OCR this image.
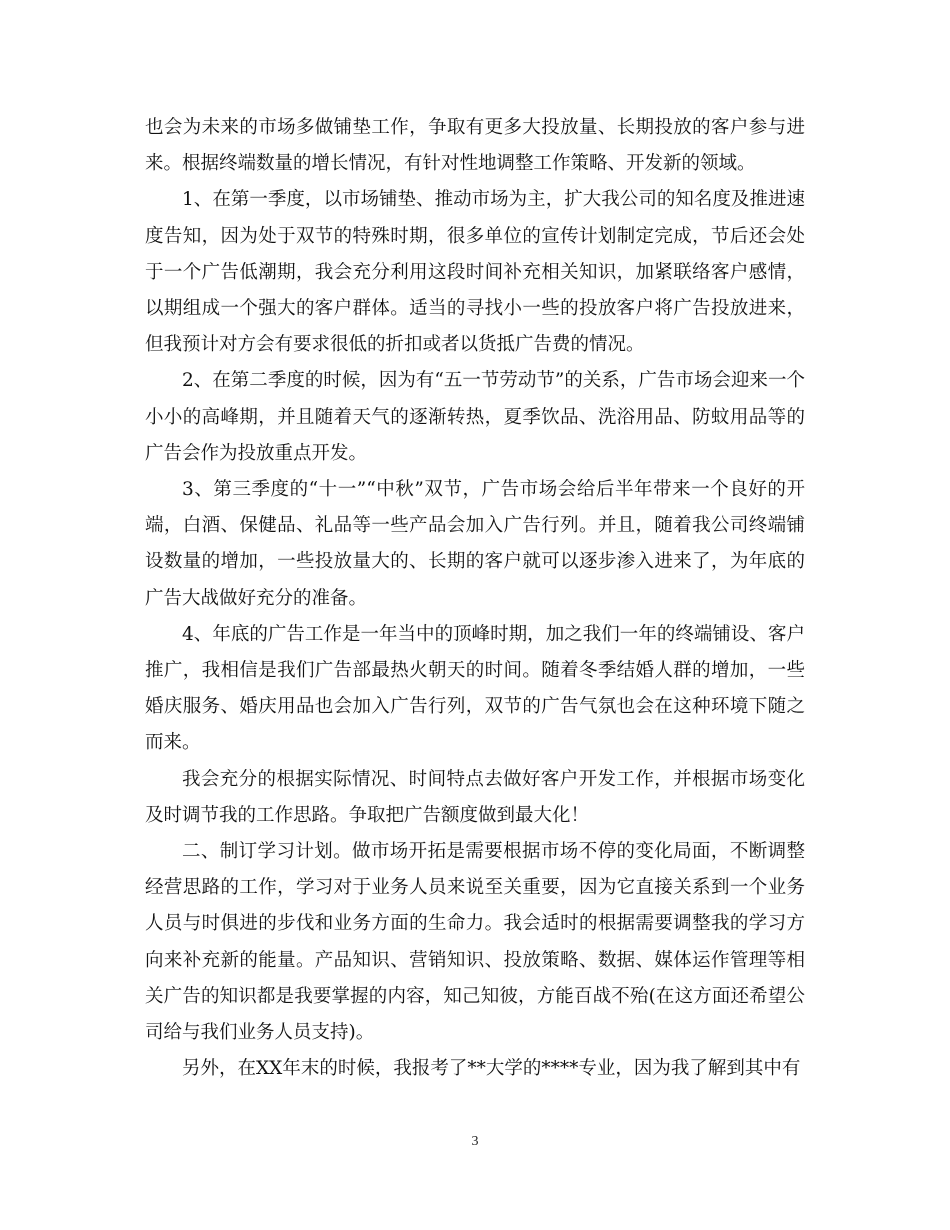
也会为未来的市场多做铺垫工作，争取有更多大投放量、长期投放的客户参与进来。根据终端数量的增长情况，有针对性地调整工作策略、开发新的领域。

1、在第一季度，以市场铺垫、推动市场为主，扩大我公司的知名度及推进速度告知，因为处于双节的特殊时期，很多单位的宣传计划制定完成，节后还会处于一个广告低潮期，我会充分利用这段时间补充相关知识，加紧联络客户感情，以期组成一个强大的客户群体。适当的寻找小一些的投放客户将广告投放进来，但我预计对方会有要求很低的折扣或者以货抵广告费的情况。

2、在第二季度的时候，因为有“五一节劳动节”的关系，广告市场会迎来一个小小的高峰期，并且随着天气的逐渐转热，夏季饮品、洗浴用品、防蚊用品等的广告会作为投放重点开发。

3、第三季度的“十一”“中秋”双节，广告市场会给后半年带来一个良好的开端，白酒、保健品、礼品等一些产品会加入广告行列。并且，随着我公司终端铺设数量的增加，一些投放量大的、长期的客户就可以逐步渗入进来了，为年底的广告大战做好充分的准备。

4、年底的广告工作是一年当中的顶峰时期，加之我们一年的终端铺设、客户推广，我相信是我们广告部最热火朝天的时间。随着冬季结婚人群的增加，一些婚庆服务、婚庆用品也会加入广告行列，双节的广告气氛也会在这种环境下随之而来。

我会充分的根据实际情况、时间特点去做好客户开发工作，并根据市场变化及时调节我的工作思路。争取把广告额度做到最大化！

二、制订学习计划。做市场开拓是需要根据市场不停的变化局面，不断调整经营思路的工作，学习对于业务人员来说至关重要，因为它直接关系到一个业务人员与时俱进的步伐和业务方面的生命力。我会适时的根据需要调整我的学习方向来补充新的能量。产品知识、营销知识、投放策略、数据、媒体运作管理等相关广告的知识都是我要掌握的内容，知己知彼，方能百战不殆(在这方面还希望公司给与我们业务人员支持)。

另外，在XX年末的时候，我报考了**大学的****专业，因为我了解到其中有

3
